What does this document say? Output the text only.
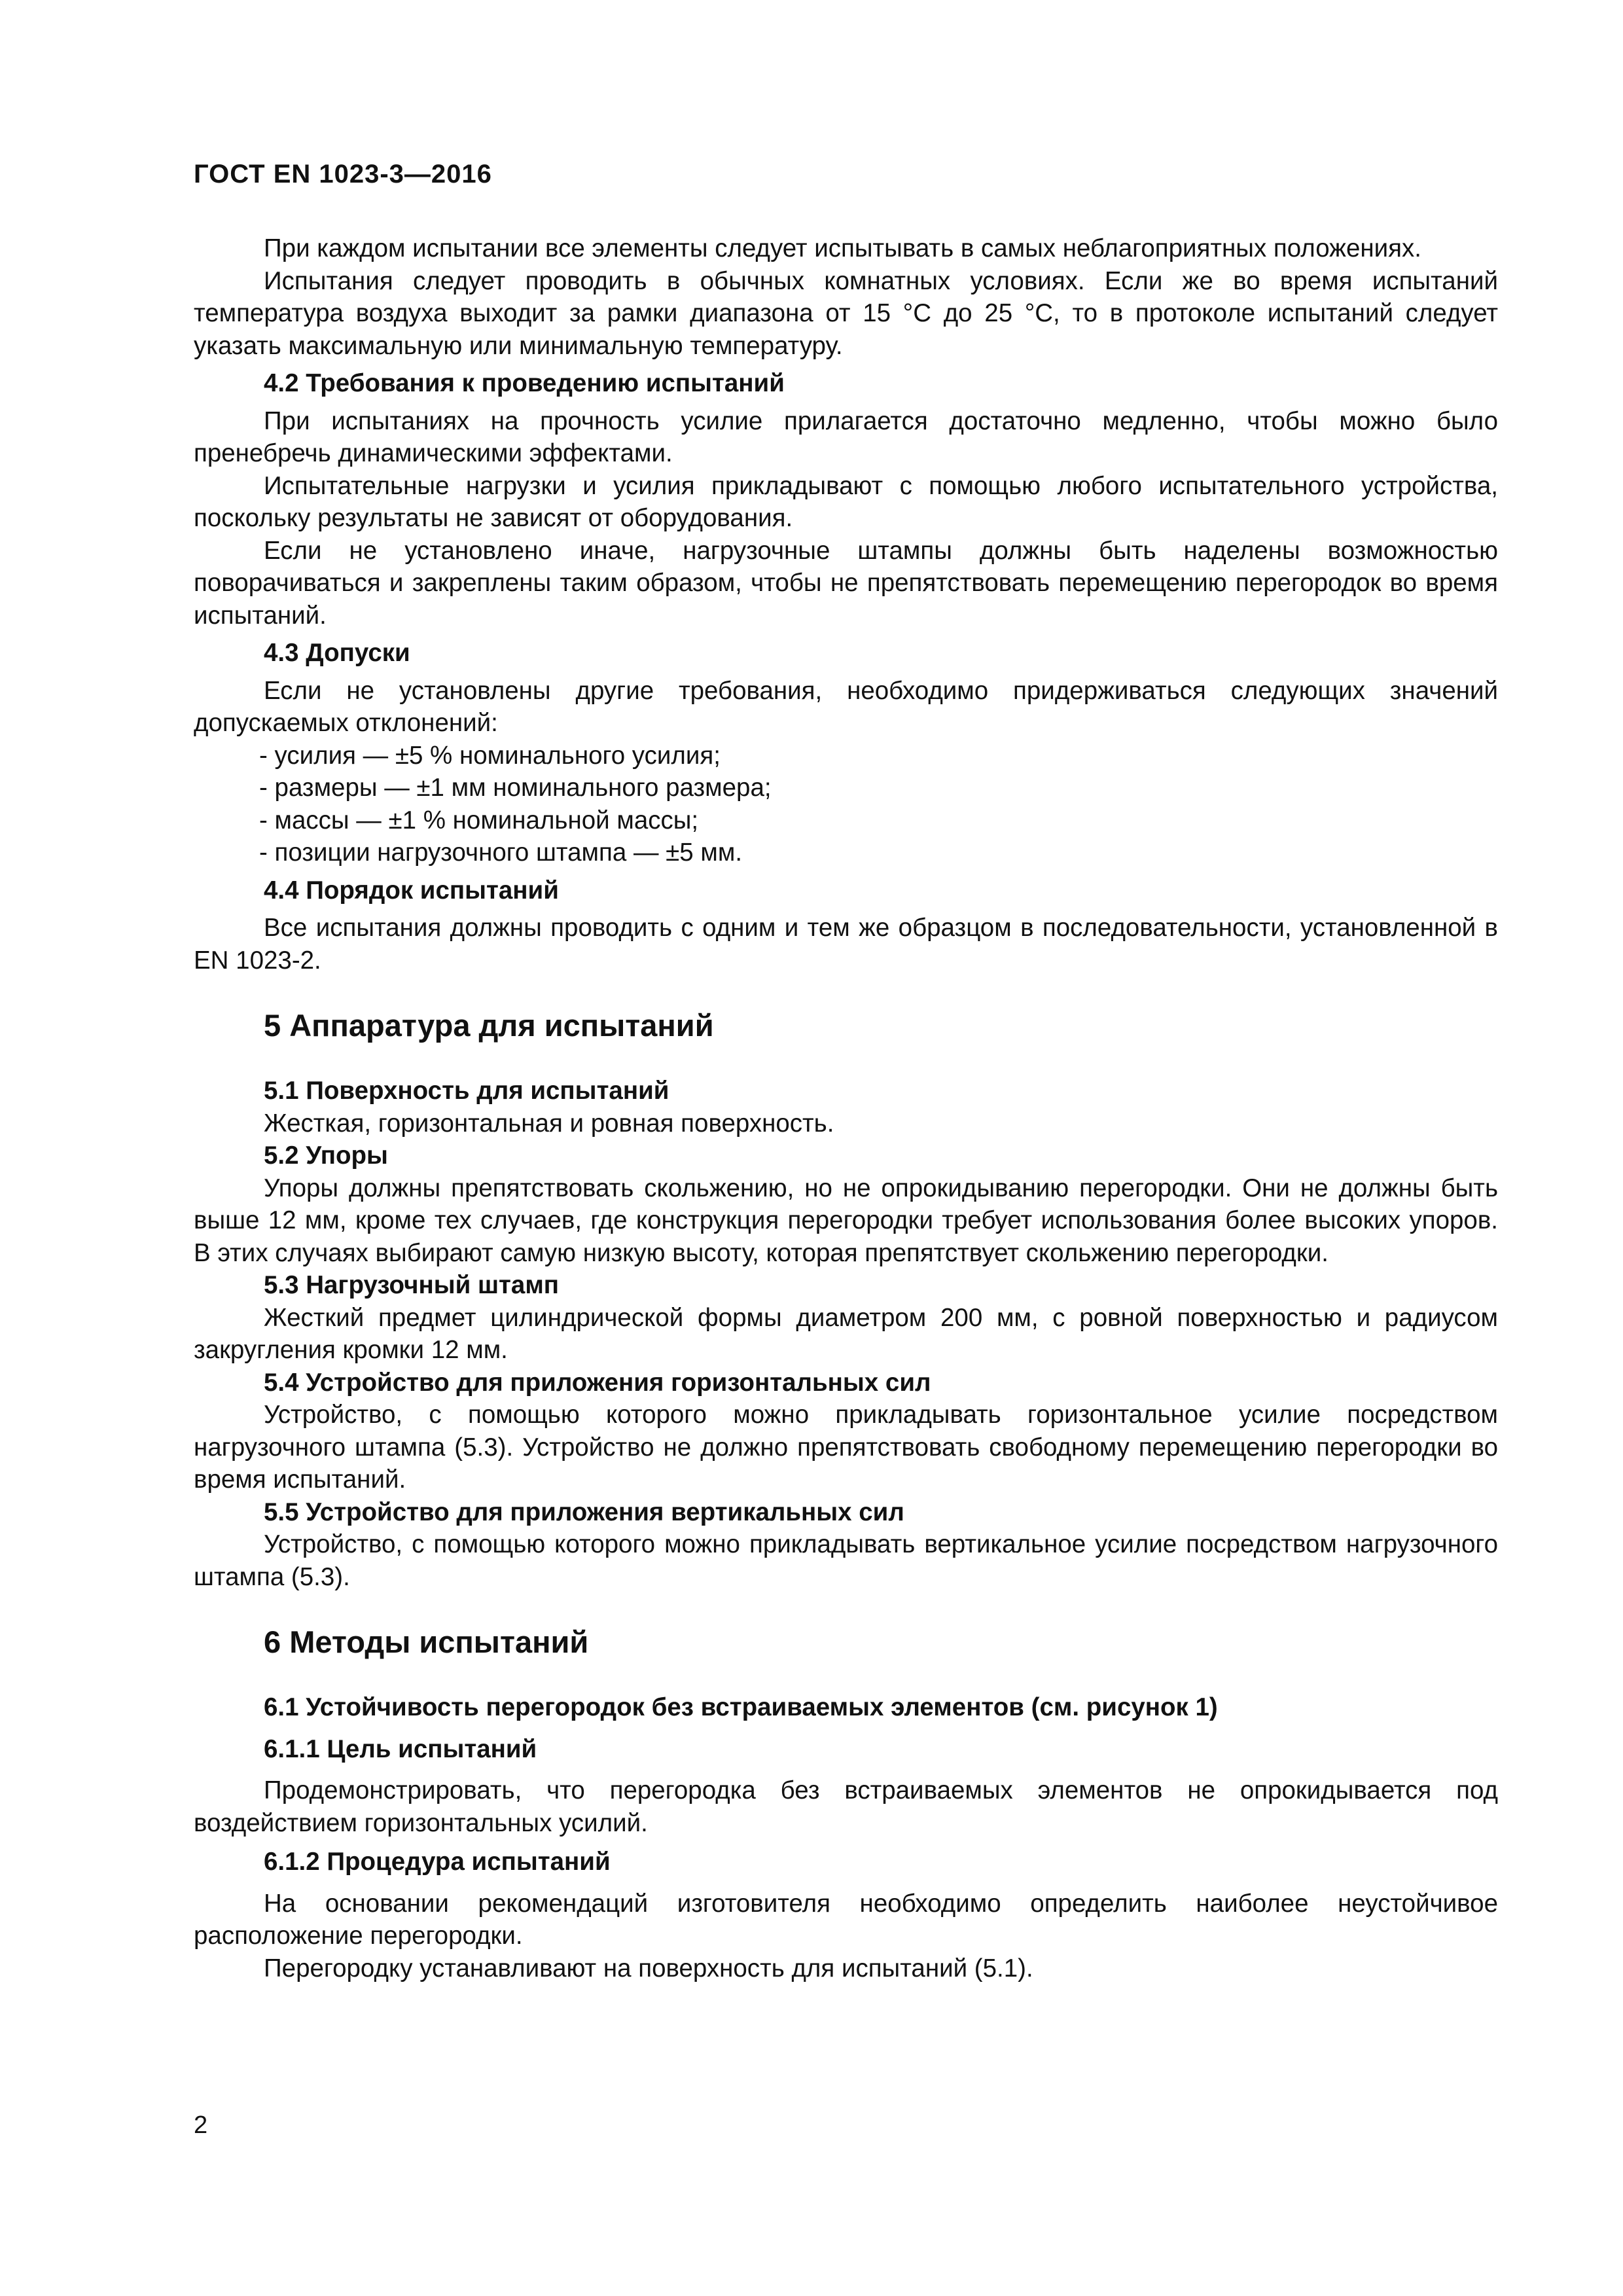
ГОСТ EN 1023-3—2016

При каждом испытании все элементы следует испытывать в самых неблагоприятных положениях.

Испытания следует проводить в обычных комнатных условиях. Если же во время испытаний температура воздуха выходит за рамки диапазона от 15 °C до 25 °C, то в протоколе испытаний следует указать максимальную или минимальную температуру.

4.2 Требования к проведению испытаний

При испытаниях на прочность усилие прилагается достаточно медленно, чтобы можно было пренебречь динамическими эффектами.

Испытательные нагрузки и усилия прикладывают с помощью любого испытательного устройства, поскольку результаты не зависят от оборудования.

Если не установлено иначе, нагрузочные штампы должны быть наделены возможностью поворачиваться и закреплены таким образом, чтобы не препятствовать перемещению перегородок во время испытаний.

4.3 Допуски

Если не установлены другие требования, необходимо придерживаться следующих значений допускаемых отклонений:

- усилия — ±5 % номинального усилия;
- размеры — ±1 мм номинального размера;
- массы — ±1 % номинальной массы;
- позиции нагрузочного штампа — ±5 мм.

4.4 Порядок испытаний

Все испытания должны проводить с одним и тем же образцом в последовательности, установленной в EN 1023-2.

5 Аппаратура для испытаний

5.1 Поверхность для испытаний

Жесткая, горизонтальная и ровная поверхность.

5.2 Упоры

Упоры должны препятствовать скольжению, но не опрокидыванию перегородки. Они не должны быть выше 12 мм, кроме тех случаев, где конструкция перегородки требует использования более высоких упоров. В этих случаях выбирают самую низкую высоту, которая препятствует скольжению перегородки.

5.3 Нагрузочный штамп

Жесткий предмет цилиндрической формы диаметром 200 мм, с ровной поверхностью и радиусом закругления кромки 12 мм.

5.4 Устройство для приложения горизонтальных сил

Устройство, с помощью которого можно прикладывать горизонтальное усилие посредством нагрузочного штампа (5.3). Устройство не должно препятствовать свободному перемещению перегородки во время испытаний.

5.5 Устройство для приложения вертикальных сил

Устройство, с помощью которого можно прикладывать вертикальное усилие посредством нагрузочного штампа (5.3).

6 Методы испытаний

6.1 Устойчивость перегородок без встраиваемых элементов (см. рисунок 1)

6.1.1 Цель испытаний

Продемонстрировать, что перегородка без встраиваемых элементов не опрокидывается под воздействием горизонтальных усилий.

6.1.2 Процедура испытаний

На основании рекомендаций изготовителя необходимо определить наиболее неустойчивое расположение перегородки.

Перегородку устанавливают на поверхность для испытаний (5.1).

2
